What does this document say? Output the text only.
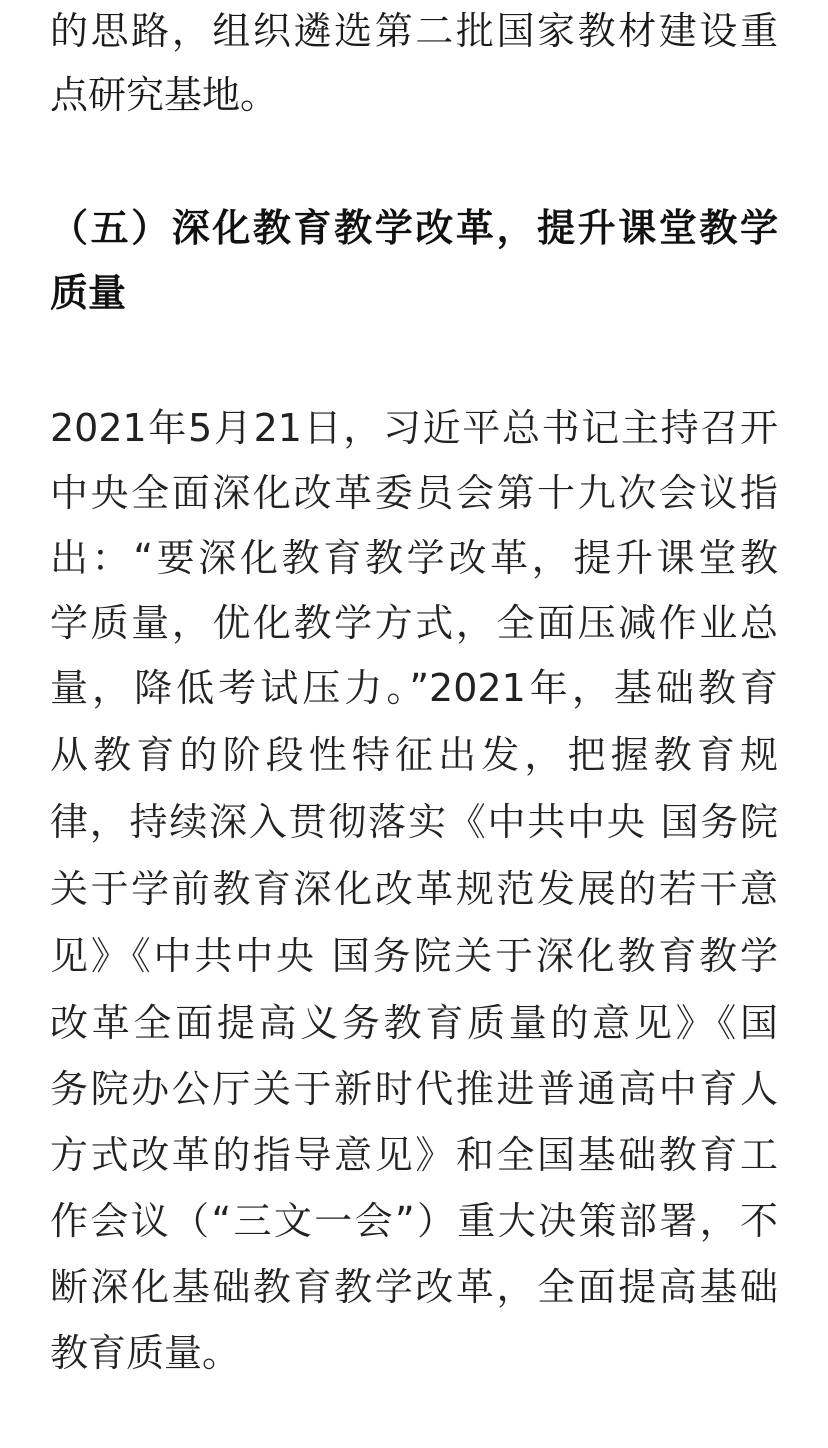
的思路，组织遴选第二批国家教材建设重
点研究基地。
（五）深化教育教学改革，提升课堂教学
质量
2021年5月21日，习近平总书记主持召开
中央全面深化改革委员会第十九次会议指
出：“要深化教育教学改革，提升课堂教
学质量，优化教学方式，全面压减作业总
量，降低考试压力。”2021年，基础教育
从教育的阶段性特征出发，把握教育规
律，持续深入贯彻落实《中共中央 国务院
关于学前教育深化改革规范发展的若干意
见》《中共中央 国务院关于深化教育教学
改革全面提高义务教育质量的意见》《国
务院办公厅关于新时代推进普通高中育人
方式改革的指导意见》和全国基础教育工
作会议（“三文一会”）重大决策部署，不
断深化基础教育教学改革，全面提高基础
教育质量。
